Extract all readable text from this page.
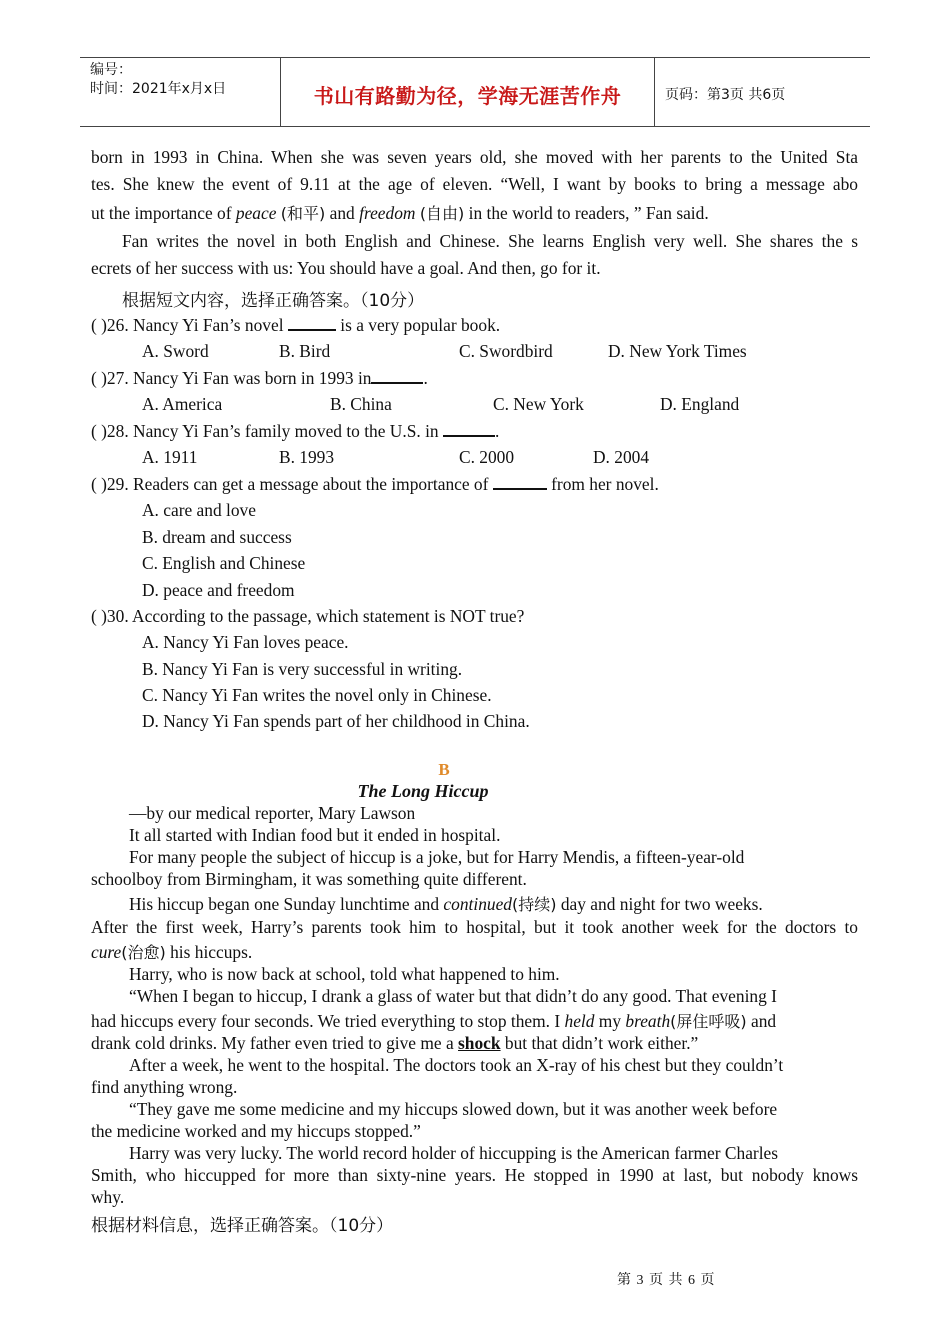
编号：
时间：2021年x月x日	书山有路勤为径，学海无涯苦作舟	页码：第3页 共6页
born in 1993 in China. When she was seven years old, she moved with her parents to the United Sta
tes. She knew the event of 9.11 at the age of eleven. “Well, I want by books to bring a message abo
ut the importance of peace (和平) and freedom (自由) in the world to readers, ” Fan said.
Fan writes the novel in both English and Chinese. She learns English very well. She shares the s
ecrets of her success with us: You should have a goal. And then, go for it.
根据短文内容，选择正确答案。（10分）
( )26. Nancy Yi Fan’s novel	is a very popular book.
A. Sword	B. Bird	C. Swordbird	D. New York Times
( )27. Nancy Yi Fan was born in 1993 in	.
A. America	B. China	C. New York	D. England
( )28. Nancy Yi Fan’s family moved to the U.S. in	.
A. 1911	B. 1993	C. 2000	D. 2004
( )29. Readers can get a message about the importance of	from her novel.
A. care and love
B. dream and success
C. English and Chinese
D. peace and freedom
( )30. According to the passage, which statement is NOT true?
A. Nancy Yi Fan loves peace.
B. Nancy Yi Fan is very successful in writing.
C. Nancy Yi Fan writes the novel only in Chinese.
D. Nancy Yi Fan spends part of her childhood in China.
B
The Long Hiccup
—by our medical reporter, Mary Lawson
It all started with Indian food but it ended in hospital.
For many people the subject of hiccup is a joke, but for Harry Mendis, a fifteen-year-old
schoolboy from Birmingham, it was something quite different.
His hiccup began one Sunday lunchtime and continued(持续) day and night for two weeks.
After the first week, Harry’s parents took him to hospital, but it took another week for the doctors to
cure(治愈) his hiccups.
Harry, who is now back at school, told what happened to him.
“When I began to hiccup, I drank a glass of water but that didn’t do any good. That evening I
had hiccups every four seconds. We tried everything to stop them. I held my breath(屏住呼吸) and
drank cold drinks. My father even tried to give me a shock but that didn’t work either.”
After a week, he went to the hospital. The doctors took an X-ray of his chest but they couldn’t
find anything wrong.
“They gave me some medicine and my hiccups slowed down, but it was another week before
the medicine worked and my hiccups stopped.”
Harry was very lucky. The world record holder of hiccupping is the American farmer Charles
Smith, who hiccupped for more than sixty-nine years. He stopped in 1990 at last, but nobody knows
why.
根据材料信息，选择正确答案。（10分）
第 3 页 共 6 页
